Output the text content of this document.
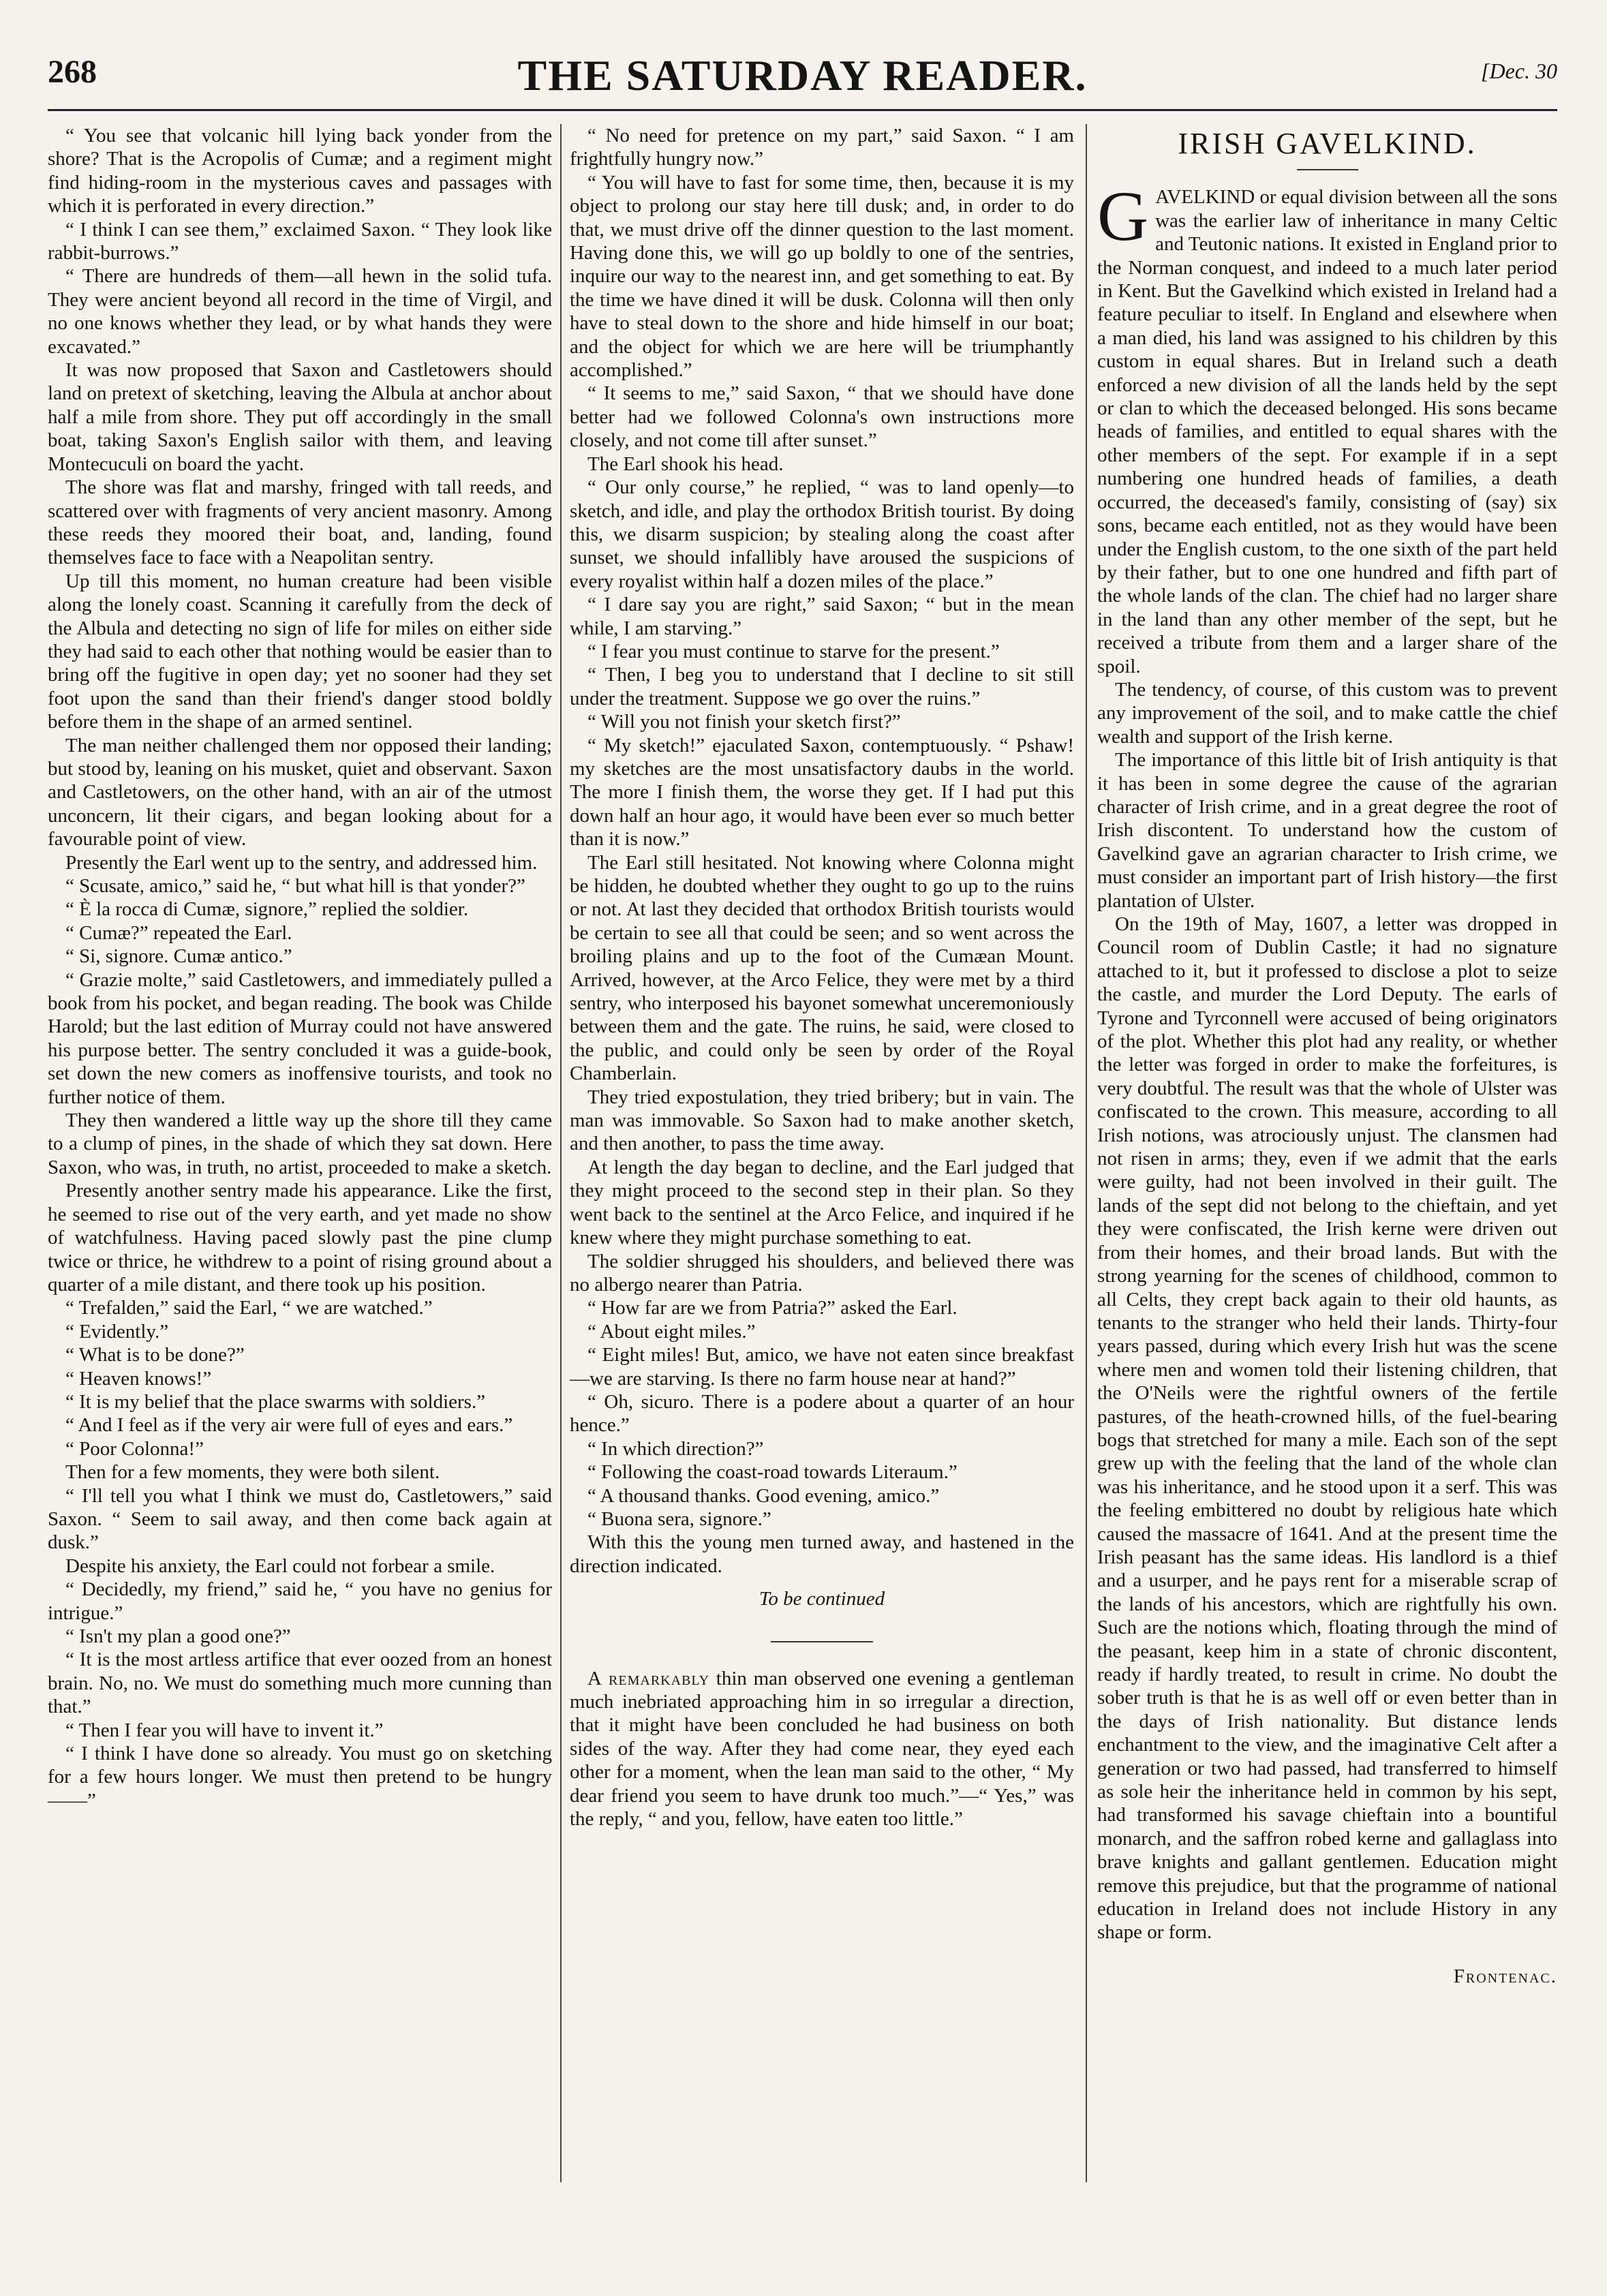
268	THE SATURDAY READER.	[Dec. 30

“ You see that volcanic hill lying back yonder from the shore? That is the Acropolis of Cumæ; and a regiment might find hiding-room in the mysterious caves and passages with which it is perforated in every direction.”

“ I think I can see them,” exclaimed Saxon. “ They look like rabbit-burrows.”

“ There are hundreds of them—all hewn in the solid tufa. They were ancient beyond all record in the time of Virgil, and no one knows whether they lead, or by what hands they were excavated.”

It was now proposed that Saxon and Castletowers should land on pretext of sketching, leaving the Albula at anchor about half a mile from shore. They put off accordingly in the small boat, taking Saxon's English sailor with them, and leaving Montecuculi on board the yacht.

The shore was flat and marshy, fringed with tall reeds, and scattered over with fragments of very ancient masonry. Among these reeds they moored their boat, and, landing, found themselves face to face with a Neapolitan sentry.

Up till this moment, no human creature had been visible along the lonely coast. Scanning it carefully from the deck of the Albula and detecting no sign of life for miles on either side they had said to each other that nothing would be easier than to bring off the fugitive in open day; yet no sooner had they set foot upon the sand than their friend's danger stood boldly before them in the shape of an armed sentinel.

The man neither challenged them nor opposed their landing; but stood by, leaning on his musket, quiet and observant. Saxon and Castletowers, on the other hand, with an air of the utmost unconcern, lit their cigars, and began looking about for a favourable point of view.

Presently the Earl went up to the sentry, and addressed him.

“ Scusate, amico,” said he, “ but what hill is that yonder?”

“ È la rocca di Cumæ, signore,” replied the soldier.

“ Cumæ?” repeated the Earl.

“ Si, signore. Cumæ antico.”

“ Grazie molte,” said Castletowers, and immediately pulled a book from his pocket, and began reading. The book was Childe Harold; but the last edition of Murray could not have answered his purpose better. The sentry concluded it was a guide-book, set down the new comers as inoffensive tourists, and took no further notice of them.

They then wandered a little way up the shore till they came to a clump of pines, in the shade of which they sat down. Here Saxon, who was, in truth, no artist, proceeded to make a sketch.

Presently another sentry made his appearance. Like the first, he seemed to rise out of the very earth, and yet made no show of watchfulness. Having paced slowly past the pine clump twice or thrice, he withdrew to a point of rising ground about a quarter of a mile distant, and there took up his position.

“ Trefalden,” said the Earl, “ we are watched.”

“ Evidently.”

“ What is to be done?”

“ Heaven knows!”

“ It is my belief that the place swarms with soldiers.”

“ And I feel as if the very air were full of eyes and ears.”

“ Poor Colonna!”

Then for a few moments, they were both silent.

“ I'll tell you what I think we must do, Castletowers,” said Saxon. “ Seem to sail away, and then come back again at dusk.”

Despite his anxiety, the Earl could not forbear a smile.

“ Decidedly, my friend,” said he, “ you have no genius for intrigue.”

“ Isn't my plan a good one?”

“ It is the most artless artifice that ever oozed from an honest brain. No, no. We must do something much more cunning than that.”

“ Then I fear you will have to invent it.”

“ I think I have done so already. You must go on sketching for a few hours longer. We must then pretend to be hungry——”

“ No need for pretence on my part,” said Saxon. “ I am frightfully hungry now.”

“ You will have to fast for some time, then, because it is my object to prolong our stay here till dusk; and, in order to do that, we must drive off the dinner question to the last moment. Having done this, we will go up boldly to one of the sentries, inquire our way to the nearest inn, and get something to eat. By the time we have dined it will be dusk. Colonna will then only have to steal down to the shore and hide himself in our boat; and the object for which we are here will be triumphantly accomplished.”

“ It seems to me,” said Saxon, “ that we should have done better had we followed Colonna's own instructions more closely, and not come till after sunset.”

The Earl shook his head.

“ Our only course,” he replied, “ was to land openly—to sketch, and idle, and play the orthodox British tourist. By doing this, we disarm suspicion; by stealing along the coast after sunset, we should infallibly have aroused the suspicions of every royalist within half a dozen miles of the place.”

“ I dare say you are right,” said Saxon; “ but in the mean while, I am starving.”

“ I fear you must continue to starve for the present.”

“ Then, I beg you to understand that I decline to sit still under the treatment. Suppose we go over the ruins.”

“ Will you not finish your sketch first?”

“ My sketch!” ejaculated Saxon, contemptuously. “ Pshaw! my sketches are the most unsatisfactory daubs in the world. The more I finish them, the worse they get. If I had put this down half an hour ago, it would have been ever so much better than it is now.”

The Earl still hesitated. Not knowing where Colonna might be hidden, he doubted whether they ought to go up to the ruins or not. At last they decided that orthodox British tourists would be certain to see all that could be seen; and so went across the broiling plains and up to the foot of the Cumæan Mount. Arrived, however, at the Arco Felice, they were met by a third sentry, who interposed his bayonet somewhat unceremoniously between them and the gate. The ruins, he said, were closed to the public, and could only be seen by order of the Royal Chamberlain.

They tried expostulation, they tried bribery; but in vain. The man was immovable. So Saxon had to make another sketch, and then another, to pass the time away.

At length the day began to decline, and the Earl judged that they might proceed to the second step in their plan. So they went back to the sentinel at the Arco Felice, and inquired if he knew where they might purchase something to eat.

The soldier shrugged his shoulders, and believed there was no albergo nearer than Patria.

“ How far are we from Patria?” asked the Earl.

“ About eight miles.”

“ Eight miles! But, amico, we have not eaten since breakfast—we are starving. Is there no farm house near at hand?”

“ Oh, sicuro. There is a podere about a quarter of an hour hence.”

“ In which direction?”

“ Following the coast-road towards Literaum.”

“ A thousand thanks. Good evening, amico.”

“ Buona sera, signore.”

With this the young men turned away, and hastened in the direction indicated.

To be continued

A remarkably thin man observed one evening a gentleman much inebriated approaching him in so irregular a direction, that it might have been concluded he had business on both sides of the way. After they had come near, they eyed each other for a moment, when the lean man said to the other, “ My dear friend you seem to have drunk too much.”—“ Yes,” was the reply, “ and you, fellow, have eaten too little.”

IRISH GAVELKIND.

GAVELKIND or equal division between all the sons was the earlier law of inheritance in many Celtic and Teutonic nations. It existed in England prior to the Norman conquest, and indeed to a much later period in Kent. But the Gavelkind which existed in Ireland had a feature peculiar to itself. In England and elsewhere when a man died, his land was assigned to his children by this custom in equal shares. But in Ireland such a death enforced a new division of all the lands held by the sept or clan to which the deceased belonged. His sons became heads of families, and entitled to equal shares with the other members of the sept. For example if in a sept numbering one hundred heads of families, a death occurred, the deceased's family, consisting of (say) six sons, became each entitled, not as they would have been under the English custom, to the one sixth of the part held by their father, but to one one hundred and fifth part of the whole lands of the clan. The chief had no larger share in the land than any other member of the sept, but he received a tribute from them and a larger share of the spoil.

The tendency, of course, of this custom was to prevent any improvement of the soil, and to make cattle the chief wealth and support of the Irish kerne.

The importance of this little bit of Irish antiquity is that it has been in some degree the cause of the agrarian character of Irish crime, and in a great degree the root of Irish discontent. To understand how the custom of Gavelkind gave an agrarian character to Irish crime, we must consider an important part of Irish history—the first plantation of Ulster.

On the 19th of May, 1607, a letter was dropped in Council room of Dublin Castle; it had no signature attached to it, but it professed to disclose a plot to seize the castle, and murder the Lord Deputy. The earls of Tyrone and Tyrconnell were accused of being originators of the plot. Whether this plot had any reality, or whether the letter was forged in order to make the forfeitures, is very doubtful. The result was that the whole of Ulster was confiscated to the crown. This measure, according to all Irish notions, was atrociously unjust. The clansmen had not risen in arms; they, even if we admit that the earls were guilty, had not been involved in their guilt. The lands of the sept did not belong to the chieftain, and yet they were confiscated, the Irish kerne were driven out from their homes, and their broad lands. But with the strong yearning for the scenes of childhood, common to all Celts, they crept back again to their old haunts, as tenants to the stranger who held their lands. Thirty-four years passed, during which every Irish hut was the scene where men and women told their listening children, that the O'Neils were the rightful owners of the fertile pastures, of the heath-crowned hills, of the fuel-bearing bogs that stretched for many a mile. Each son of the sept grew up with the feeling that the land of the whole clan was his inheritance, and he stood upon it a serf. This was the feeling embittered no doubt by religious hate which caused the massacre of 1641. And at the present time the Irish peasant has the same ideas. His landlord is a thief and a usurper, and he pays rent for a miserable scrap of the lands of his ancestors, which are rightfully his own. Such are the notions which, floating through the mind of the peasant, keep him in a state of chronic discontent, ready if hardly treated, to result in crime. No doubt the sober truth is that he is as well off or even better than in the days of Irish nationality. But distance lends enchantment to the view, and the imaginative Celt after a generation or two had passed, had transferred to himself as sole heir the inheritance held in common by his sept, had transformed his savage chieftain into a bountiful monarch, and the saffron robed kerne and gallaglass into brave knights and gallant gentlemen. Education might remove this prejudice, but that the programme of national education in Ireland does not include History in any shape or form.

Frontenac.
